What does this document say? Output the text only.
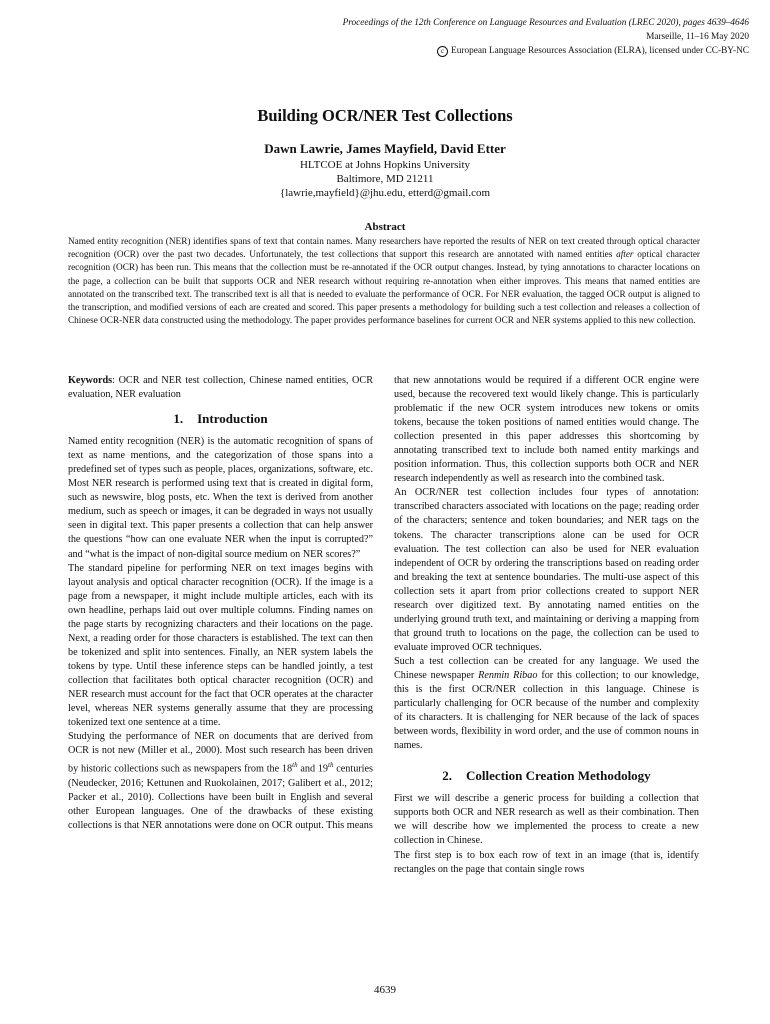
Proceedings of the 12th Conference on Language Resources and Evaluation (LREC 2020), pages 4639–4646
Marseille, 11–16 May 2020
c European Language Resources Association (ELRA), licensed under CC-BY-NC
Building OCR/NER Test Collections
Dawn Lawrie, James Mayfield, David Etter
HLTCOE at Johns Hopkins University
Baltimore, MD 21211
{lawrie,mayfield}@jhu.edu, etterd@gmail.com
Abstract

Named entity recognition (NER) identifies spans of text that contain names. Many researchers have reported the results of NER on text created through optical character recognition (OCR) over the past two decades. Unfortunately, the test collections that support this research are annotated with named entities after optical character recognition (OCR) has been run. This means that the collection must be re-annotated if the OCR output changes. Instead, by tying annotations to character locations on the page, a collection can be built that supports OCR and NER research without requiring re-annotation when either improves. This means that named entities are annotated on the transcribed text. The transcribed text is all that is needed to evaluate the performance of OCR. For NER evaluation, the tagged OCR output is aligned to the transcription, and modified versions of each are created and scored. This paper presents a methodology for building such a test collection and releases a collection of Chinese OCR-NER data constructed using the methodology. The paper provides performance baselines for current OCR and NER systems applied to this new collection.

Keywords: OCR and NER test collection, Chinese named entities, OCR evaluation, NER evaluation

1. Introduction

Named entity recognition (NER) is the automatic recognition of spans of text as name mentions, and the categorization of those spans into a predefined set of types such as people, places, organizations, software, etc. Most NER research is performed using text that is created in digital form, such as newswire, blog posts, etc. When the text is derived from another medium, such as speech or images, it can be degraded in ways not usually seen in digital text. This paper presents a collection that can help answer the questions “how can one evaluate NER when the input is corrupted?” and “what is the impact of non-digital source medium on NER scores?”

The standard pipeline for performing NER on text images begins with layout analysis and optical character recognition (OCR). If the image is a page from a newspaper, it might include multiple articles, each with its own headline, perhaps laid out over multiple columns. Finding names on the page starts by recognizing characters and their locations on the page. Next, a reading order for those characters is established. The text can then be tokenized and split into sentences. Finally, an NER system labels the tokens by type. Until these inference steps can be handled jointly, a test collection that facilitates both optical character recognition (OCR) and NER research must account for the fact that OCR operates at the character level, whereas NER systems generally assume that they are processing tokenized text one sentence at a time.

Studying the performance of NER on documents that are derived from OCR is not new (Miller et al., 2000). Most such research has been driven by historic collections such as newspapers from the 18th and 19th centuries (Neudecker, 2016; Kettunen and Ruokolainen, 2017; Galibert et al., 2012; Packer et al., 2010). Collections have been built in English and several other European languages. One of the drawbacks of these existing collections is that NER annotations were done on OCR output. This means

that new annotations would be required if a different OCR engine were used, because the recovered text would likely change. This is particularly problematic if the new OCR system introduces new tokens or omits tokens, because the token positions of named entities would change. The collection presented in this paper addresses this shortcoming by annotating transcribed text to include both named entity markings and position information. Thus, this collection supports both OCR and NER research independently as well as research into the combined task.

An OCR/NER test collection includes four types of annotation: transcribed characters associated with locations on the page; reading order of the characters; sentence and token boundaries; and NER tags on the tokens. The character transcriptions alone can be used for OCR evaluation. The test collection can also be used for NER evaluation independent of OCR by ordering the transcriptions based on reading order and breaking the text at sentence boundaries. The multi-use aspect of this collection sets it apart from prior collections created to support NER research over digitized text. By annotating named entities on the underlying ground truth text, and maintaining or deriving a mapping from that ground truth to locations on the page, the collection can be used to evaluate improved OCR techniques.

Such a test collection can be created for any language. We used the Chinese newspaper Renmin Ribao for this collection; to our knowledge, this is the first OCR/NER collection in this language. Chinese is particularly challenging for OCR because of the number and complexity of its characters. It is challenging for NER because of the lack of spaces between words, flexibility in word order, and the use of common nouns in names.

2. Collection Creation Methodology

First we will describe a generic process for building a collection that supports both OCR and NER research as well as their combination. Then we will describe how we implemented the process to create a new collection in Chinese.

The first step is to box each row of text in an image (that is, identify rectangles on the page that contain single rows

4639
